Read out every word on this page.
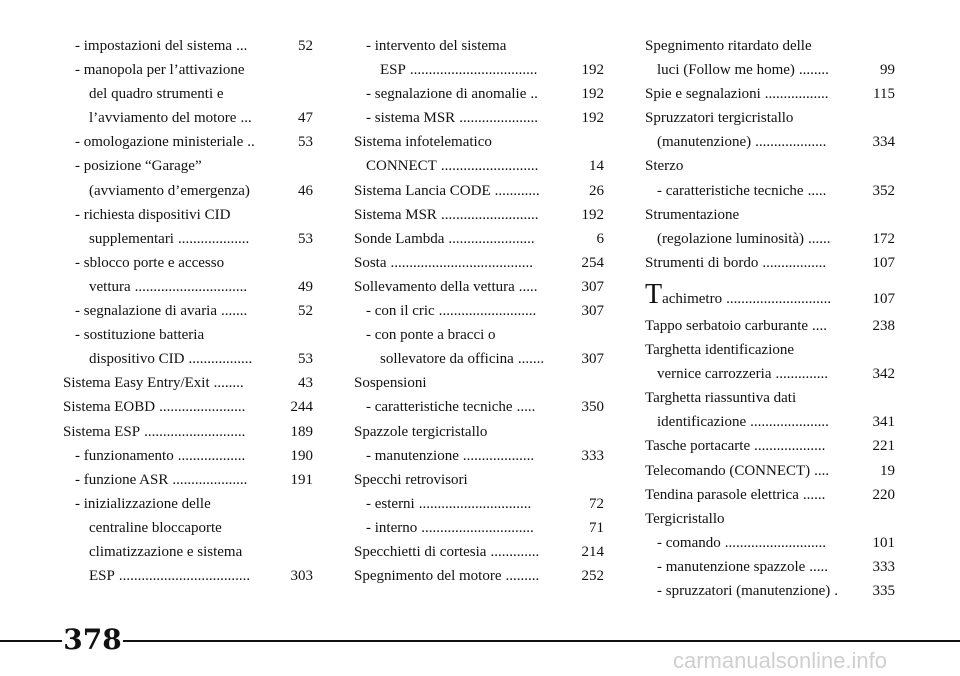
- impostazioni del sistema ...	52
- manopola per l’attivazione
del quadro strumenti e
l’avviamento del motore ...	47
- omologazione ministeriale ..	53
- posizione “Garage”
(avviamento d’emergenza)	46
- richiesta dispositivi CID
supplementari ...................	53
- sblocco porte e accesso
vettura ..............................	49
- segnalazione di avaria .......	52
- sostituzione batteria
dispositivo CID .................	53
Sistema Easy Entry/Exit ........	43
Sistema EOBD .......................	244
Sistema ESP ...........................	189
- funzionamento ..................	190
- funzione ASR ....................	191
- inizializzazione delle
centraline bloccaporte
climatizzazione e sistema
ESP ...................................	303
- intervento del sistema
ESP ..................................	192
- segnalazione di anomalie ..	192
- sistema MSR .....................	192
Sistema infotelematico
CONNECT ..........................	14
Sistema Lancia CODE ............	26
Sistema MSR ..........................	192
Sonde Lambda .......................	6
Sosta ......................................	254
Sollevamento della vettura .....	307
- con il cric ..........................	307
- con ponte a bracci o
sollevatore da officina ....... 307
Sospensioni
- caratteristiche tecniche .....	350
Spazzole tergicristallo
- manutenzione ...................	333
Specchi retrovisori
- esterni ..............................	72
- interno ..............................	71
Specchietti di cortesia .............	214
Spegnimento del motore .........	252
Spegnimento ritardato delle
luci (Follow me home) ........	99
Spie e segnalazioni .................	115
Spruzzatori tergicristallo
(manutenzione) ...................	334
Sterzo
- caratteristiche tecniche .....	352
Strumentazione
(regolazione luminosità) ......	172
Strumenti di bordo .................	107
Tachimetro ............................	107
Tappo serbatoio carburante ....	238
Targhetta identificazione
vernice carrozzeria ..............	342
Targhetta riassuntiva dati
identificazione .....................	341
Tasche portacarte ...................	221
Telecomando (CONNECT) ....	19
Tendina parasole elettrica ......	220
Tergicristallo
- comando ...........................	101
- manutenzione spazzole .....	333
- spruzzatori (manutenzione) . 335
378
carmanualsonline.info
